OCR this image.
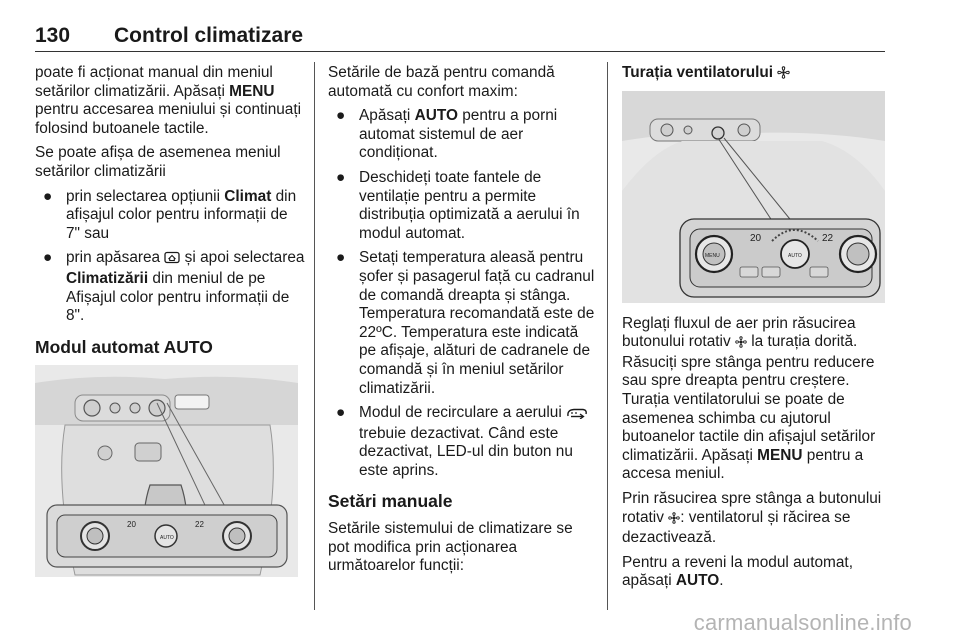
130 Control climatizare

poate fi acționat manual din meniul setărilor climatizării. Apăsați MENU pentru accesarea meniului și continuați folosind butoanele tactile.

Se poate afișa de asemenea meniul setărilor climatizării

● prin selectarea opțiunii Climat din afișajul color pentru informații de 7" sau
● prin apăsarea  și apoi selectarea Climatizării din meniul de pe Afișajul color pentru informații de 8".
Modul automat AUTO
20	22
AUTO

Setările de bază pentru comandă automată cu confort maxim:

● Apăsați AUTO pentru a porni automat sistemul de aer condiționat.
● Deschideți toate fantele de ventilație pentru a permite distribuția optimizată a aerului în modul automat.
● Setați temperatura aleasă pentru șofer și pasagerul față cu cadranul de comandă dreapta și stânga. Temperatura recomandată este de 22ºC. Temperatura este indicată pe afișaje, alături de cadranele de comandă și în meniul setărilor climatizării.
● Modul de recirculare a aerului  trebuie dezactivat. Când este dezactivat, LED-ul din buton nu este aprins.
Setări manuale

Setările sistemului de climatizare se pot modifica prin acționarea următoarelor funcții:

Turația ventilatorului
20	22
MENU	AUTO

Reglați fluxul de aer prin răsucirea butonului rotativ  la turația dorită. Răsuciți spre stânga pentru reducere sau spre dreapta pentru creștere. Turația ventilatorului se poate de asemenea schimba cu ajutorul butoanelor tactile din afișajul setărilor climatizării. Apăsați MENU pentru a accesa meniul.

Prin răsucirea spre stânga a butonului rotativ : ventilatorul și răcirea se dezactivează.

Pentru a reveni la modul automat, apăsați AUTO.

carmanualsonline.info
